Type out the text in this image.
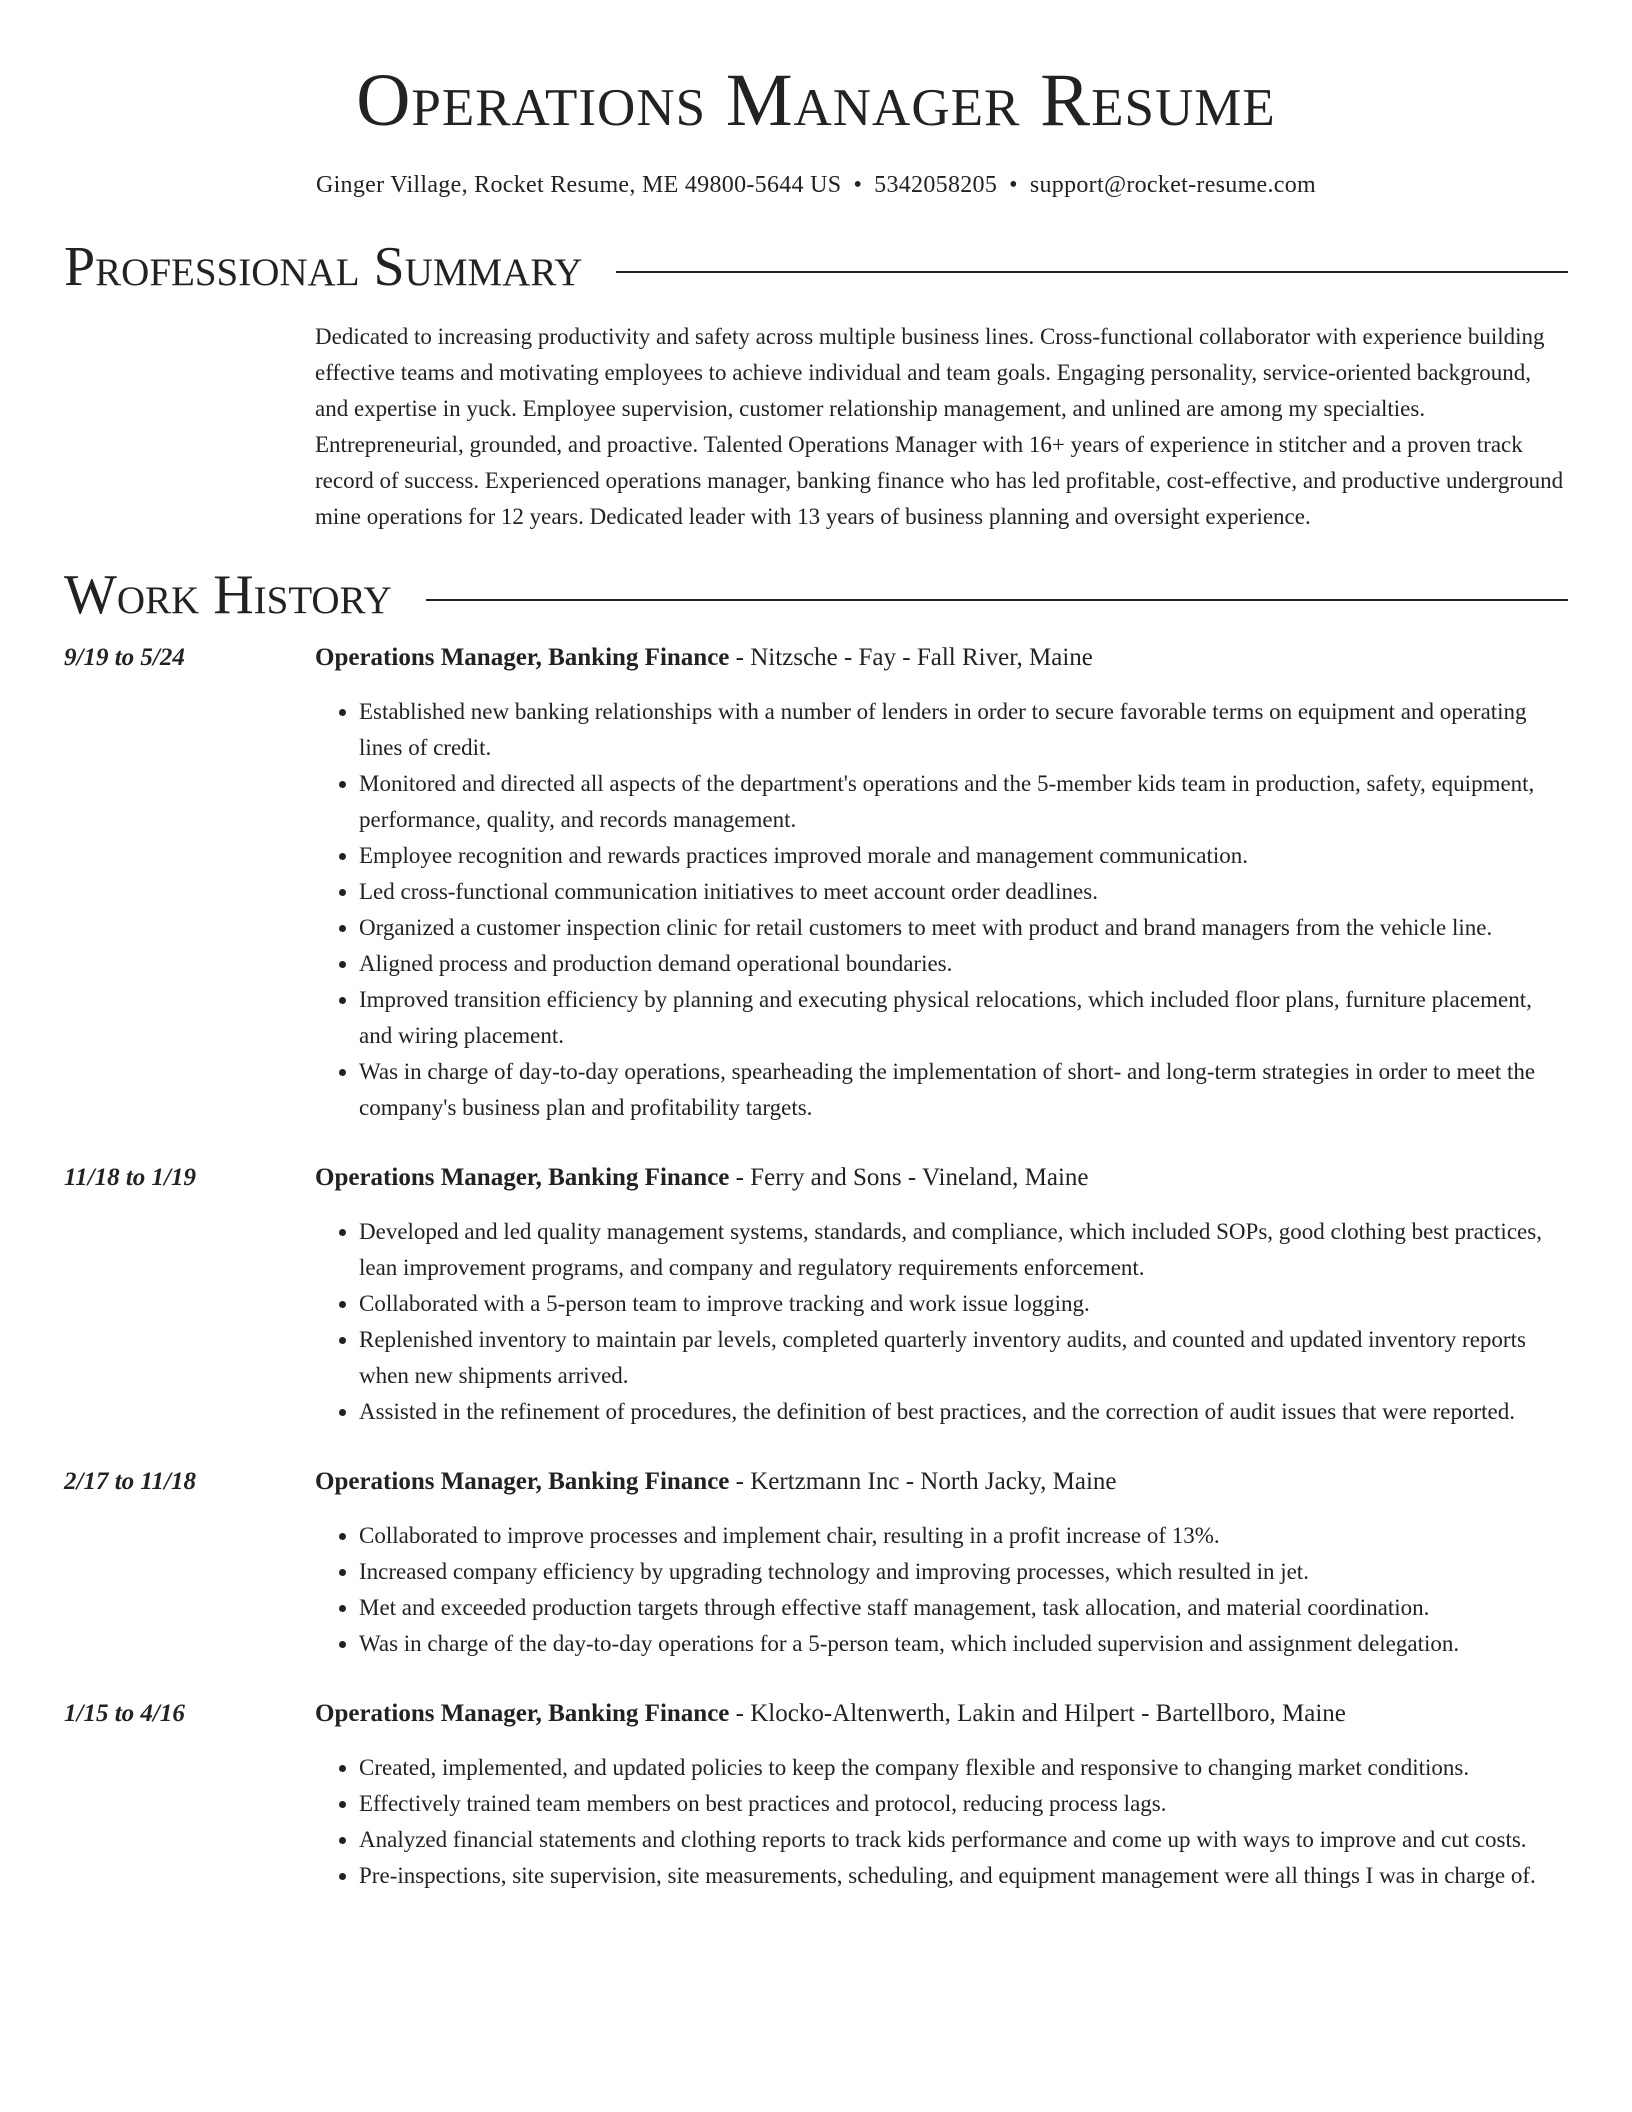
Operations Manager Resume
Ginger Village, Rocket Resume, ME 49800-5644 US • 5342058205 • support@rocket-resume.com
Professional Summary
Dedicated to increasing productivity and safety across multiple business lines. Cross-functional collaborator with experience building effective teams and motivating employees to achieve individual and team goals. Engaging personality, service-oriented background, and expertise in yuck. Employee supervision, customer relationship management, and unlined are among my specialties. Entrepreneurial, grounded, and proactive. Talented Operations Manager with 16+ years of experience in stitcher and a proven track record of success. Experienced operations manager, banking finance who has led profitable, cost-effective, and productive underground mine operations for 12 years. Dedicated leader with 13 years of business planning and oversight experience.
Work History
9/19 to 5/24	Operations Manager, Banking Finance - Nitzsche - Fay - Fall River, Maine
• Established new banking relationships with a number of lenders in order to secure favorable terms on equipment and operating lines of credit.
• Monitored and directed all aspects of the department's operations and the 5-member kids team in production, safety, equipment, performance, quality, and records management.
• Employee recognition and rewards practices improved morale and management communication.
• Led cross-functional communication initiatives to meet account order deadlines.
• Organized a customer inspection clinic for retail customers to meet with product and brand managers from the vehicle line.
• Aligned process and production demand operational boundaries.
• Improved transition efficiency by planning and executing physical relocations, which included floor plans, furniture placement, and wiring placement.
• Was in charge of day-to-day operations, spearheading the implementation of short- and long-term strategies in order to meet the company's business plan and profitability targets.
11/18 to 1/19	Operations Manager, Banking Finance - Ferry and Sons - Vineland, Maine
• Developed and led quality management systems, standards, and compliance, which included SOPs, good clothing best practices, lean improvement programs, and company and regulatory requirements enforcement.
• Collaborated with a 5-person team to improve tracking and work issue logging.
• Replenished inventory to maintain par levels, completed quarterly inventory audits, and counted and updated inventory reports when new shipments arrived.
• Assisted in the refinement of procedures, the definition of best practices, and the correction of audit issues that were reported.
2/17 to 11/18	Operations Manager, Banking Finance - Kertzmann Inc - North Jacky, Maine
• Collaborated to improve processes and implement chair, resulting in a profit increase of 13%.
• Increased company efficiency by upgrading technology and improving processes, which resulted in jet.
• Met and exceeded production targets through effective staff management, task allocation, and material coordination.
• Was in charge of the day-to-day operations for a 5-person team, which included supervision and assignment delegation.
1/15 to 4/16	Operations Manager, Banking Finance - Klocko-Altenwerth, Lakin and Hilpert - Bartellboro, Maine
• Created, implemented, and updated policies to keep the company flexible and responsive to changing market conditions.
• Effectively trained team members on best practices and protocol, reducing process lags.
• Analyzed financial statements and clothing reports to track kids performance and come up with ways to improve and cut costs.
• Pre-inspections, site supervision, site measurements, scheduling, and equipment management were all things I was in charge of.
